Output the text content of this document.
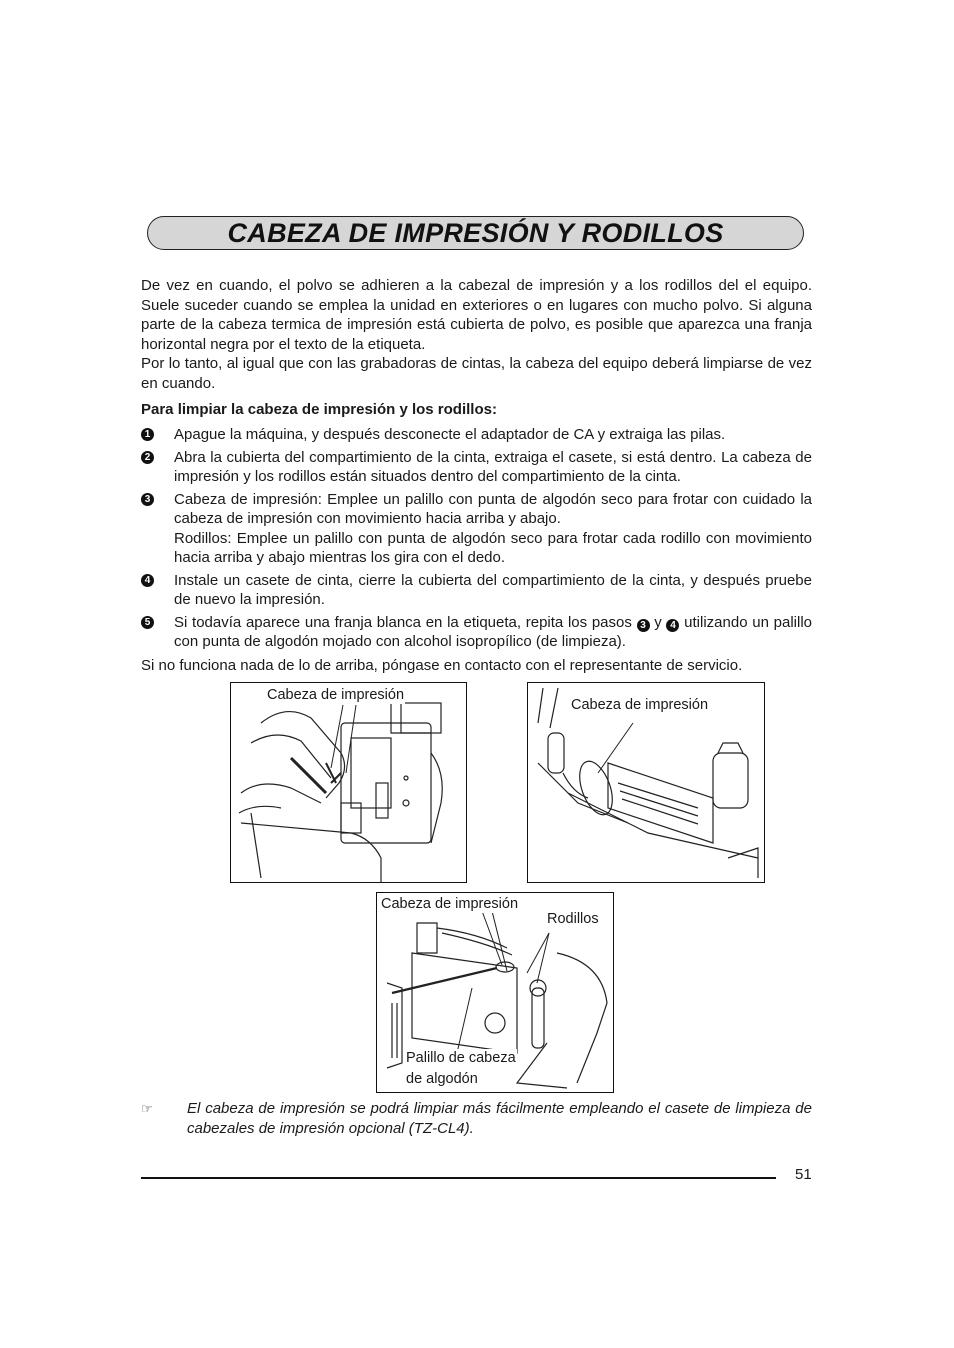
CABEZA DE IMPRESIÓN Y RODILLOS

De vez en cuando, el polvo se adhieren a la cabezal de impresión y a los rodillos del el equipo. Suele suceder cuando se emplea la unidad en exteriores o en lugares con mucho polvo. Si alguna parte de la cabeza termica de impresión está cubierta de polvo, es posible que aparezca una franja horizontal negra por el texto de la etiqueta.

Por lo tanto, al igual que con las grabadoras de cintas, la cabeza del equipo deberá limpiarse de vez en cuando.

Para limpiar la cabeza de impresión y los rodillos:
1 Apague la máquina, y después desconecte el adaptador de CA y extraiga las pilas.

2 Abra la cubierta del compartimiento de la cinta, extraiga el casete, si está dentro. La cabeza de impresión y los rodillos están situados dentro del compartimiento de la cinta.

3 Cabeza de impresión: Emplee un palillo con punta de algodón seco para frotar con cuidado la cabeza de impresión con movimiento hacia arriba y abajo.

Rodillos: Emplee un palillo con punta de algodón seco para frotar cada rodillo con movimiento hacia arriba y abajo mientras los gira con el dedo.

4 Instale un casete de cinta, cierre la cubierta del compartimiento de la cinta, y después pruebe de nuevo la impresión.

5 Si todavía aparece una franja blanca en la etiqueta, repita los pasos 3 y 4 utilizando un palillo con punta de algodón mojado con alcohol isopropílico (de limpieza).

Si no funciona nada de lo de arriba, póngase en contacto con el representante de servicio.
Cabeza de impresión
Cabeza de impresión
Cabeza de impresión
Rodillos
Palillo de cabeza
de algodón
☞	El cabeza de impresión se podrá limpiar más fácilmente empleando el casete de limpieza de cabezales de impresión opcional (TZ-CL4).
51
